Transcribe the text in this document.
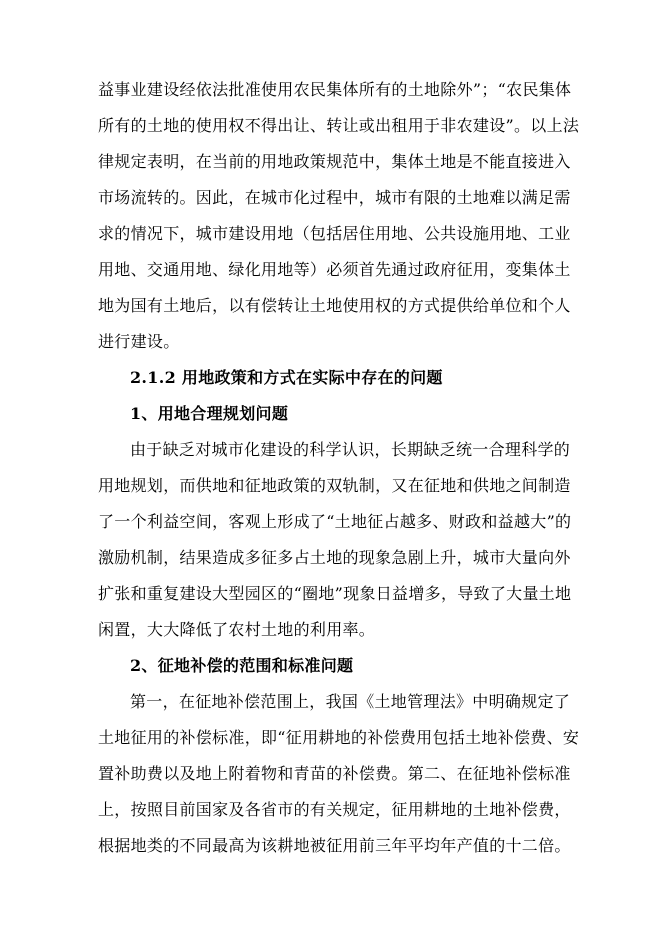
益事业建设经依法批准使用农民集体所有的土地除外”；“农民集体
所有的土地的使用权不得出让、转让或出租用于非农建设”。以上法
律规定表明，在当前的用地政策规范中，集体土地是不能直接进入
市场流转的。因此，在城市化过程中，城市有限的土地难以满足需
求的情况下，城市建设用地（包括居住用地、公共设施用地、工业
用地、交通用地、绿化用地等）必须首先通过政府征用，变集体土
地为国有土地后，以有偿转让土地使用权的方式提供给单位和个人
进行建设。
2.1.2 用地政策和方式在实际中存在的问题
1、用地合理规划问题
由于缺乏对城市化建设的科学认识，长期缺乏统一合理科学的
用地规划，而供地和征地政策的双轨制，又在征地和供地之间制造
了一个利益空间，客观上形成了“土地征占越多、财政和益越大”的
激励机制，结果造成多征多占土地的现象急剧上升，城市大量向外
扩张和重复建设大型园区的“圈地”现象日益增多，导致了大量土地
闲置，大大降低了农村土地的利用率。
2、征地补偿的范围和标准问题
第一，在征地补偿范围上，我国《土地管理法》中明确规定了
土地征用的补偿标准，即“征用耕地的补偿费用包括土地补偿费、安
置补助费以及地上附着物和青苗的补偿费。第二、在征地补偿标准
上，按照目前国家及各省市的有关规定，征用耕地的土地补偿费，
根据地类的不同最高为该耕地被征用前三年平均年产值的十二倍。
